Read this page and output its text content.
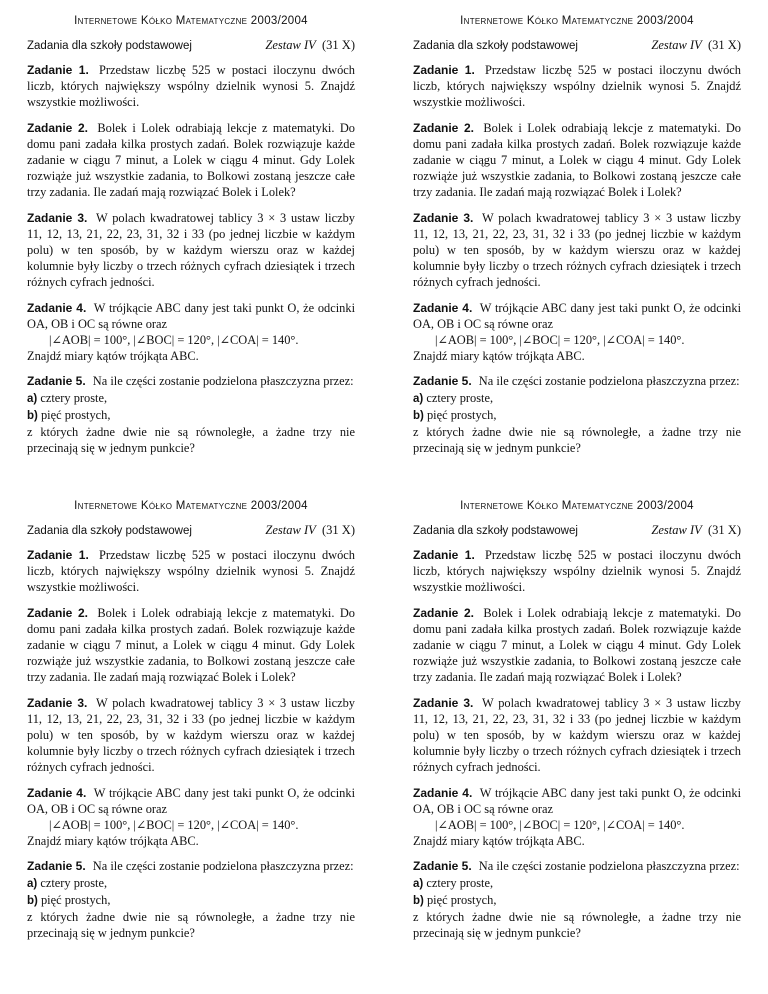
Internetowe Kółko Matematyczne 2003/2004
Zadania dla szkoły podstawowej	Zestaw IV (31 X)
Zadanie 1. Przedstaw liczbę 525 w postaci iloczynu dwóch liczb, których największy wspólny dzielnik wynosi 5. Znajdź wszystkie możliwości.
Zadanie 2. Bolek i Lolek odrabiają lekcje z matematyki. Do domu pani zadała kilka prostych zadań. Bolek rozwiązuje każde zadanie w ciągu 7 minut, a Lolek w ciągu 4 minut. Gdy Lolek rozwiąże już wszystkie zadania, to Bolkowi zostaną jeszcze całe trzy zadania. Ile zadań mają rozwiązać Bolek i Lolek?
Zadanie 3. W polach kwadratowej tablicy 3 × 3 ustaw liczby 11, 12, 13, 21, 22, 23, 31, 32 i 33 (po jednej liczbie w każdym polu) w ten sposób, by w każdym wierszu oraz w każdej kolumnie były liczby o trzech różnych cyfrach dziesiątek i trzech różnych cyfrach jedności.
Zadanie 4. W trójkącie ABC dany jest taki punkt O, że odcinki OA, OB i OC są równe oraz
|∠AOB| = 100°, |∠BOC| = 120°, |∠COA| = 140°.
Znajdź miary kątów trójkąta ABC.
Zadanie 5. Na ile części zostanie podzielona płaszczyzna przez:
a) cztery proste,
b) pięć prostych,
z których żadne dwie nie są równoległe, a żadne trzy nie przecinają się w jednym punkcie?
Internetowe Kółko Matematyczne 2003/2004
Zadania dla szkoły podstawowej	Zestaw IV (31 X)
Zadanie 1. Przedstaw liczbę 525 w postaci iloczynu dwóch liczb, których największy wspólny dzielnik wynosi 5. Znajdź wszystkie możliwości.
Zadanie 2. Bolek i Lolek odrabiają lekcje z matematyki. Do domu pani zadała kilka prostych zadań. Bolek rozwiązuje każde zadanie w ciągu 7 minut, a Lolek w ciągu 4 minut. Gdy Lolek rozwiąże już wszystkie zadania, to Bolkowi zostaną jeszcze całe trzy zadania. Ile zadań mają rozwiązać Bolek i Lolek?
Zadanie 3. W polach kwadratowej tablicy 3 × 3 ustaw liczby 11, 12, 13, 21, 22, 23, 31, 32 i 33 (po jednej liczbie w każdym polu) w ten sposób, by w każdym wierszu oraz w każdej kolumnie były liczby o trzech różnych cyfrach dziesiątek i trzech różnych cyfrach jedności.
Zadanie 4. W trójkącie ABC dany jest taki punkt O, że odcinki OA, OB i OC są równe oraz
|∠AOB| = 100°, |∠BOC| = 120°, |∠COA| = 140°.
Znajdź miary kątów trójkąta ABC.
Zadanie 5. Na ile części zostanie podzielona płaszczyzna przez:
a) cztery proste,
b) pięć prostych,
z których żadne dwie nie są równoległe, a żadne trzy nie przecinają się w jednym punkcie?
Internetowe Kółko Matematyczne 2003/2004
Zadania dla szkoły podstawowej	Zestaw IV (31 X)
Zadanie 1. Przedstaw liczbę 525 w postaci iloczynu dwóch liczb, których największy wspólny dzielnik wynosi 5. Znajdź wszystkie możliwości.
Zadanie 2. Bolek i Lolek odrabiają lekcje z matematyki. Do domu pani zadała kilka prostych zadań. Bolek rozwiązuje każde zadanie w ciągu 7 minut, a Lolek w ciągu 4 minut. Gdy Lolek rozwiąże już wszystkie zadania, to Bolkowi zostaną jeszcze całe trzy zadania. Ile zadań mają rozwiązać Bolek i Lolek?
Zadanie 3. W polach kwadratowej tablicy 3 × 3 ustaw liczby 11, 12, 13, 21, 22, 23, 31, 32 i 33 (po jednej liczbie w każdym polu) w ten sposób, by w każdym wierszu oraz w każdej kolumnie były liczby o trzech różnych cyfrach dziesiątek i trzech różnych cyfrach jedności.
Zadanie 4. W trójkącie ABC dany jest taki punkt O, że odcinki OA, OB i OC są równe oraz
|∠AOB| = 100°, |∠BOC| = 120°, |∠COA| = 140°.
Znajdź miary kątów trójkąta ABC.
Zadanie 5. Na ile części zostanie podzielona płaszczyzna przez:
a) cztery proste,
b) pięć prostych,
z których żadne dwie nie są równoległe, a żadne trzy nie przecinają się w jednym punkcie?
Internetowe Kółko Matematyczne 2003/2004
Zadania dla szkoły podstawowej	Zestaw IV (31 X)
Zadanie 1. Przedstaw liczbę 525 w postaci iloczynu dwóch liczb, których największy wspólny dzielnik wynosi 5. Znajdź wszystkie możliwości.
Zadanie 2. Bolek i Lolek odrabiają lekcje z matematyki. Do domu pani zadała kilka prostych zadań. Bolek rozwiązuje każde zadanie w ciągu 7 minut, a Lolek w ciągu 4 minut. Gdy Lolek rozwiąże już wszystkie zadania, to Bolkowi zostaną jeszcze całe trzy zadania. Ile zadań mają rozwiązać Bolek i Lolek?
Zadanie 3. W polach kwadratowej tablicy 3 × 3 ustaw liczby 11, 12, 13, 21, 22, 23, 31, 32 i 33 (po jednej liczbie w każdym polu) w ten sposób, by w każdym wierszu oraz w każdej kolumnie były liczby o trzech różnych cyfrach dziesiątek i trzech różnych cyfrach jedności.
Zadanie 4. W trójkącie ABC dany jest taki punkt O, że odcinki OA, OB i OC są równe oraz
|∠AOB| = 100°, |∠BOC| = 120°, |∠COA| = 140°.
Znajdź miary kątów trójkąta ABC.
Zadanie 5. Na ile części zostanie podzielona płaszczyzna przez:
a) cztery proste,
b) pięć prostych,
z których żadne dwie nie są równoległe, a żadne trzy nie przecinają się w jednym punkcie?
